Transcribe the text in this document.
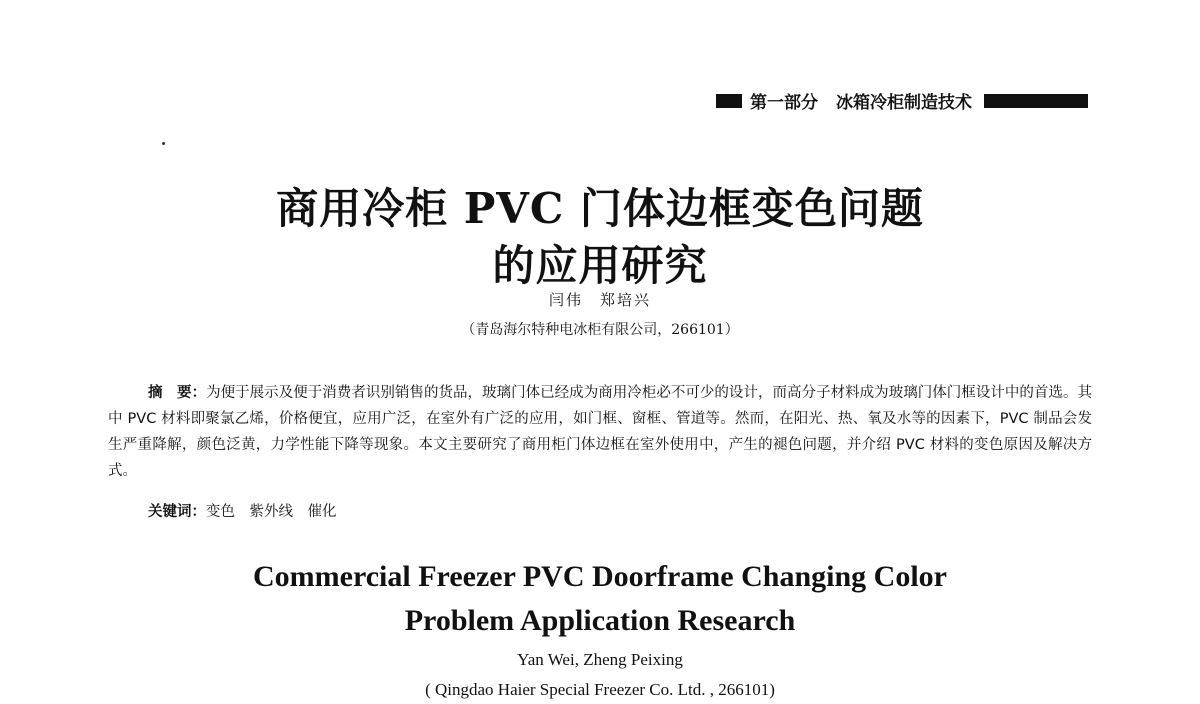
第一部分 冰箱冷柜制造技术
商用冷柜 PVC 门体边框变色问题
的应用研究
闫伟　郑培兴
（青岛海尔特种电冰柜有限公司，266101）
摘　要：为便于展示及便于消费者识别销售的货品，玻璃门体已经成为商用冷柜必不可少的设计，而高分子材料成为玻璃门体门框设计中的首选。其中 PVC 材料即聚氯乙烯，价格便宜，应用广泛，在室外有广泛的应用，如门框、窗框、管道等。然而，在阳光、热、氧及水等的因素下，PVC 制品会发生严重降解，颜色泛黄，力学性能下降等现象。本文主要研究了商用柜门体边框在室外使用中，产生的褪色问题，并介绍 PVC 材料的变色原因及解决方式。
关键词：变色　紫外线　催化
Commercial Freezer PVC Doorframe Changing Color
Problem Application Research
Yan Wei, Zheng Peixing
( Qingdao Haier Special Freezer Co. Ltd. , 266101)
